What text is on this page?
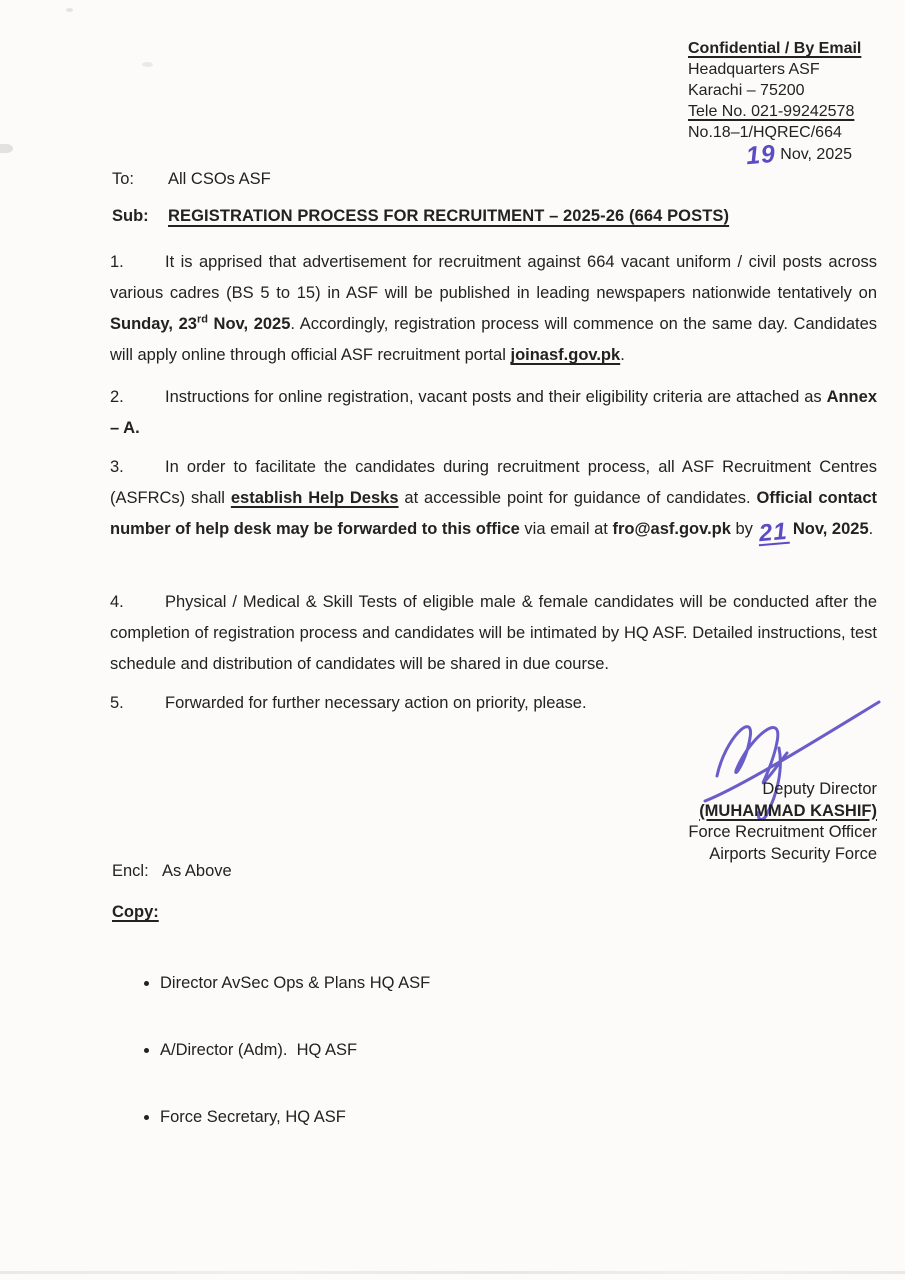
Confidential / By Email
Headquarters ASF
Karachi – 75200
Tele No. 021-99242578
No.18–1/HQREC/664
19 Nov, 2025
To: All CSOs ASF
Sub: REGISTRATION PROCESS FOR RECRUITMENT – 2025-26 (664 POSTS)
1. It is apprised that advertisement for recruitment against 664 vacant uniform / civil posts across various cadres (BS 5 to 15) in ASF will be published in leading newspapers nationwide tentatively on Sunday, 23rd Nov, 2025. Accordingly, registration process will commence on the same day. Candidates will apply online through official ASF recruitment portal joinasf.gov.pk.
2. Instructions for online registration, vacant posts and their eligibility criteria are attached as Annex – A.
3. In order to facilitate the candidates during recruitment process, all ASF Recruitment Centres (ASFRCs) shall establish Help Desks at accessible point for guidance of candidates. Official contact number of help desk may be forwarded to this office via email at fro@asf.gov.pk by 21 Nov, 2025.
4. Physical / Medical & Skill Tests of eligible male & female candidates will be conducted after the completion of registration process and candidates will be intimated by HQ ASF. Detailed instructions, test schedule and distribution of candidates will be shared in due course.
5. Forwarded for further necessary action on priority, please.
Deputy Director
(MUHAMMAD KASHIF)
Force Recruitment Officer
Airports Security Force
Encl: As Above
Copy:

• Director AvSec Ops & Plans HQ ASF

• A/Director (Adm).  HQ ASF

• Force Secretary, HQ ASF
